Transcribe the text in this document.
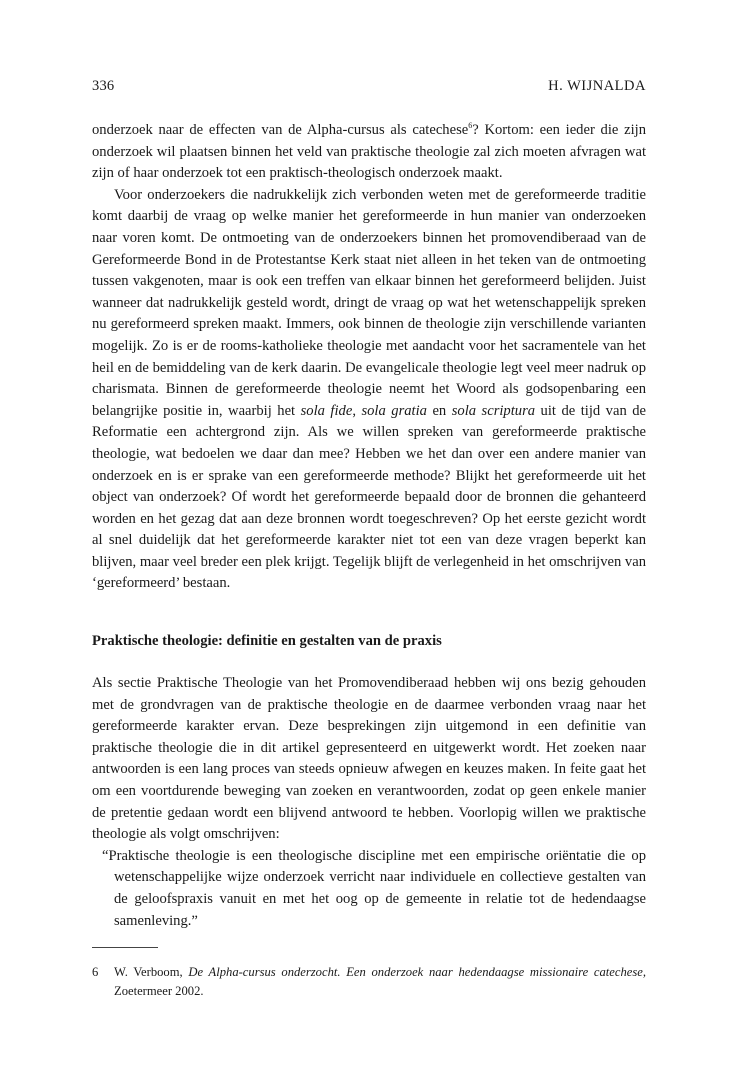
336	H. WIJNALDA

onderzoek naar de effecten van de Alpha-cursus als catechese$^6$? Kortom: een ieder die zijn onderzoek wil plaatsen binnen het veld van praktische theologie zal zich moeten afvragen wat zijn of haar onderzoek tot een praktisch-theologisch onderzoek maakt.

Voor onderzoekers die nadrukkelijk zich verbonden weten met de gereformeerde traditie komt daarbij de vraag op welke manier het gereformeerde in hun manier van onderzoeken naar voren komt. De ontmoeting van de onderzoekers binnen het promovendiberaad van de Gereformeerde Bond in de Protestantse Kerk staat niet alleen in het teken van de ontmoeting tussen vakgenoten, maar is ook een treffen van elkaar binnen het gereformeerd belijden. Juist wanneer dat nadrukkelijk gesteld wordt, dringt de vraag op wat het wetenschappelijk spreken nu gereformeerd spreken maakt. Immers, ook binnen de theologie zijn verschillende varianten mogelijk. Zo is er de rooms-katholieke theologie met aandacht voor het sacramentele van het heil en de bemiddeling van de kerk daarin. De evangelicale theologie legt veel meer nadruk op charismata. Binnen de gereformeerde theologie neemt het Woord als godsopenbaring een belangrijke positie in, waarbij het sola fide, sola gratia en sola scriptura uit de tijd van de Reformatie een achtergrond zijn. Als we willen spreken van gereformeerde praktische theologie, wat bedoelen we daar dan mee? Hebben we het dan over een andere manier van onderzoek en is er sprake van een gereformeerde methode? Blijkt het gereformeerde uit het object van onderzoek? Of wordt het gereformeerde bepaald door de bronnen die gehanteerd worden en het gezag dat aan deze bronnen wordt toegeschreven? Op het eerste gezicht wordt al snel duidelijk dat het gereformeerde karakter niet tot een van deze vragen beperkt kan blijven, maar veel breder een plek krijgt. Tegelijk blijft de verlegenheid in het omschrijven van ‘gereformeerd’ bestaan.

Praktische theologie: definitie en gestalten van de praxis

Als sectie Praktische Theologie van het Promovendiberaad hebben wij ons bezig gehouden met de grondvragen van de praktische theologie en de daarmee verbonden vraag naar het gereformeerde karakter ervan. Deze besprekingen zijn uitgemond in een definitie van praktische theologie die in dit artikel gepresenteerd en uitgewerkt wordt. Het zoeken naar antwoorden is een lang proces van steeds opnieuw afwegen en keuzes maken. In feite gaat het om een voortdurende beweging van zoeken en verantwoorden, zodat op geen enkele manier de pretentie gedaan wordt een blijvend antwoord te hebben. Voorlopig willen we praktische theologie als volgt omschrijven:

“Praktische theologie is een theologische discipline met een empirische oriëntatie die op wetenschappelijke wijze onderzoek verricht naar individuele en collectieve gestalten van de geloofspraxis vanuit en met het oog op de gemeente in relatie tot de hedendaagse samenleving.”

6 W. Verboom, De Alpha-cursus onderzocht. Een onderzoek naar hedendaagse missionaire catechese, Zoetermeer 2002.
